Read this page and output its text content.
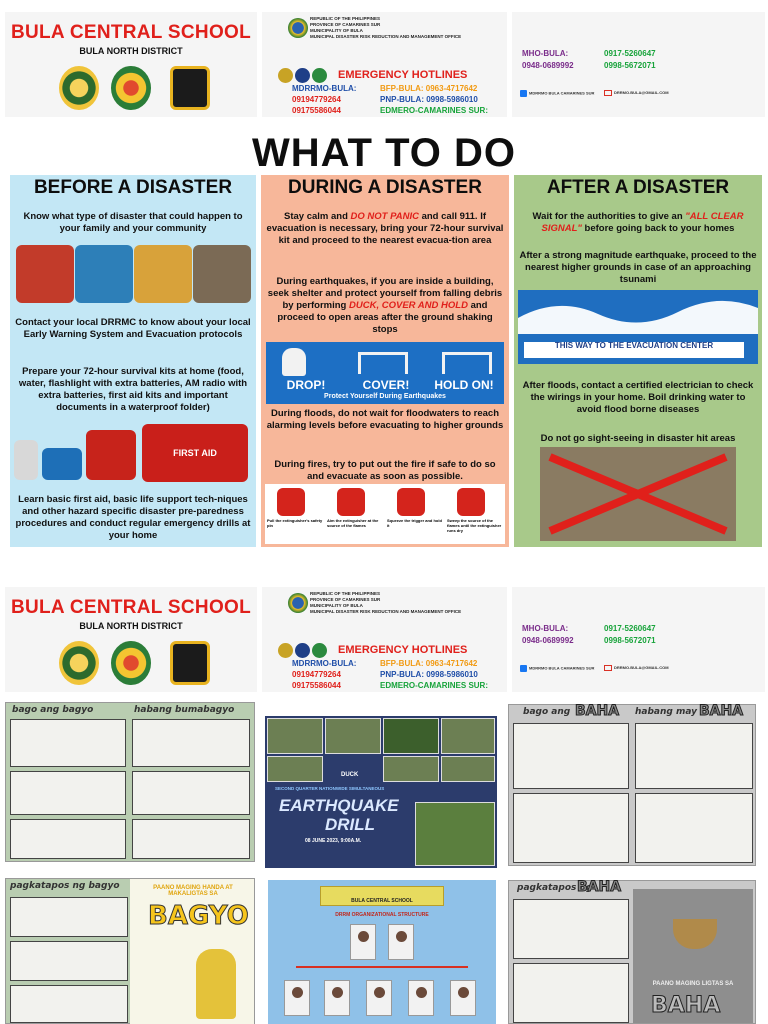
BULA CENTRAL SCHOOL
BULA NORTH DISTRICT
REPUBLIC OF THE PHILIPPINES
PROVINCE OF CAMARINES SUR
MUNICIPALITY OF BULA
MUNICIPAL DISASTER RISK REDUCTION AND MANAGEMENT OFFICE
EMERGENCY HOTLINES
MDRRMO-BULA:
09194779264
09175586044
BFP-BULA: 0963-4717642
PNP-BULA: 0998-5986010
EDMERO-CAMARINES SUR:
MHO-BULA:
0948-0689992
0917-5260647
0998-5672071
MDRRMO BULA CAMARINES SUR	DRRMO.BULA@GMAIL.COM
WHAT TO DO
BEFORE A DISASTER
Know what type of disaster that could happen to your family and your community
Contact your local DRRMC to know about your local Early Warning System and Evacuation protocols
Prepare your 72-hour survival kits at home (food, water, flashlight with extra batteries, AM radio with extra batteries, first aid kits and important documents in a waterproof folder)
FIRST AID
Learn basic first aid, basic life support tech-niques and other hazard specific disaster pre-paredness procedures and conduct regular emergency drills at your home
DURING A DISASTER
Stay calm and DO NOT PANIC and call 911. If evacuation is necessary, bring your 72-hour survival kit and proceed to the nearest evacua-tion area
During earthquakes, if you are inside a building, seek shelter and protect yourself from falling debris by performing DUCK, COVER AND HOLD and proceed to open areas after the ground shaking stops
DROP!	COVER!	HOLD ON!
Protect Yourself During Earthquakes
During floods, do not wait for floodwaters to reach alarming levels before evacuating to higher grounds
During fires, try to put out the fire if safe to do so and evacuate as soon as possible.
Pull the extinguisher's safety pin
Aim the extinguisher at the source of the flames
Squeeze the trigger and hold it
Sweep the source of the flames until the extinguisher runs dry
AFTER A DISASTER
Wait for the authorities to give an "ALL CLEAR SIGNAL" before going back to your homes
After a strong magnitude earthquake, proceed to the nearest higher grounds in case of an approaching tsunami
THIS WAY TO THE EVACUATION CENTER
After floods, contact a certified electrician to check the wirings in your home. Boil drinking water to avoid flood borne diseases
Do not go sight-seeing in disaster hit areas
BULA CENTRAL SCHOOL
BULA NORTH DISTRICT
REPUBLIC OF THE PHILIPPINES
PROVINCE OF CAMARINES SUR
MUNICIPALITY OF BULA
MUNICIPAL DISASTER RISK REDUCTION AND MANAGEMENT OFFICE
EMERGENCY HOTLINES
MDRRMO-BULA:
09194779264
09175586044
BFP-BULA: 0963-4717642
PNP-BULA: 0998-5986010
EDMERO-CAMARINES SUR:
MHO-BULA:
0948-0689992
0917-5260647
0998-5672071
MDRRMO BULA CAMARINES SUR	DRRMO.BULA@GMAIL.COM
bago ang bagyo	habang bumabagyo
DUCK
SECOND QUARTER NATIONWIDE SIMULTANEOUS
EARTHQUAKE
DRILL
08 JUNE 2023, 9:00A.M.
bago ang BAHA habang may BAHA
pagkatapos ng bagyo	PAANO MAGING HANDA AT MAKALIGTAS SA
BAGYO	BULA CENTRAL SCHOOL
DRRM ORGANIZATIONAL STRUCTURE
pagkatapos ng
BAHA
PAANO MAGING LIGTAS SA
BAHA
